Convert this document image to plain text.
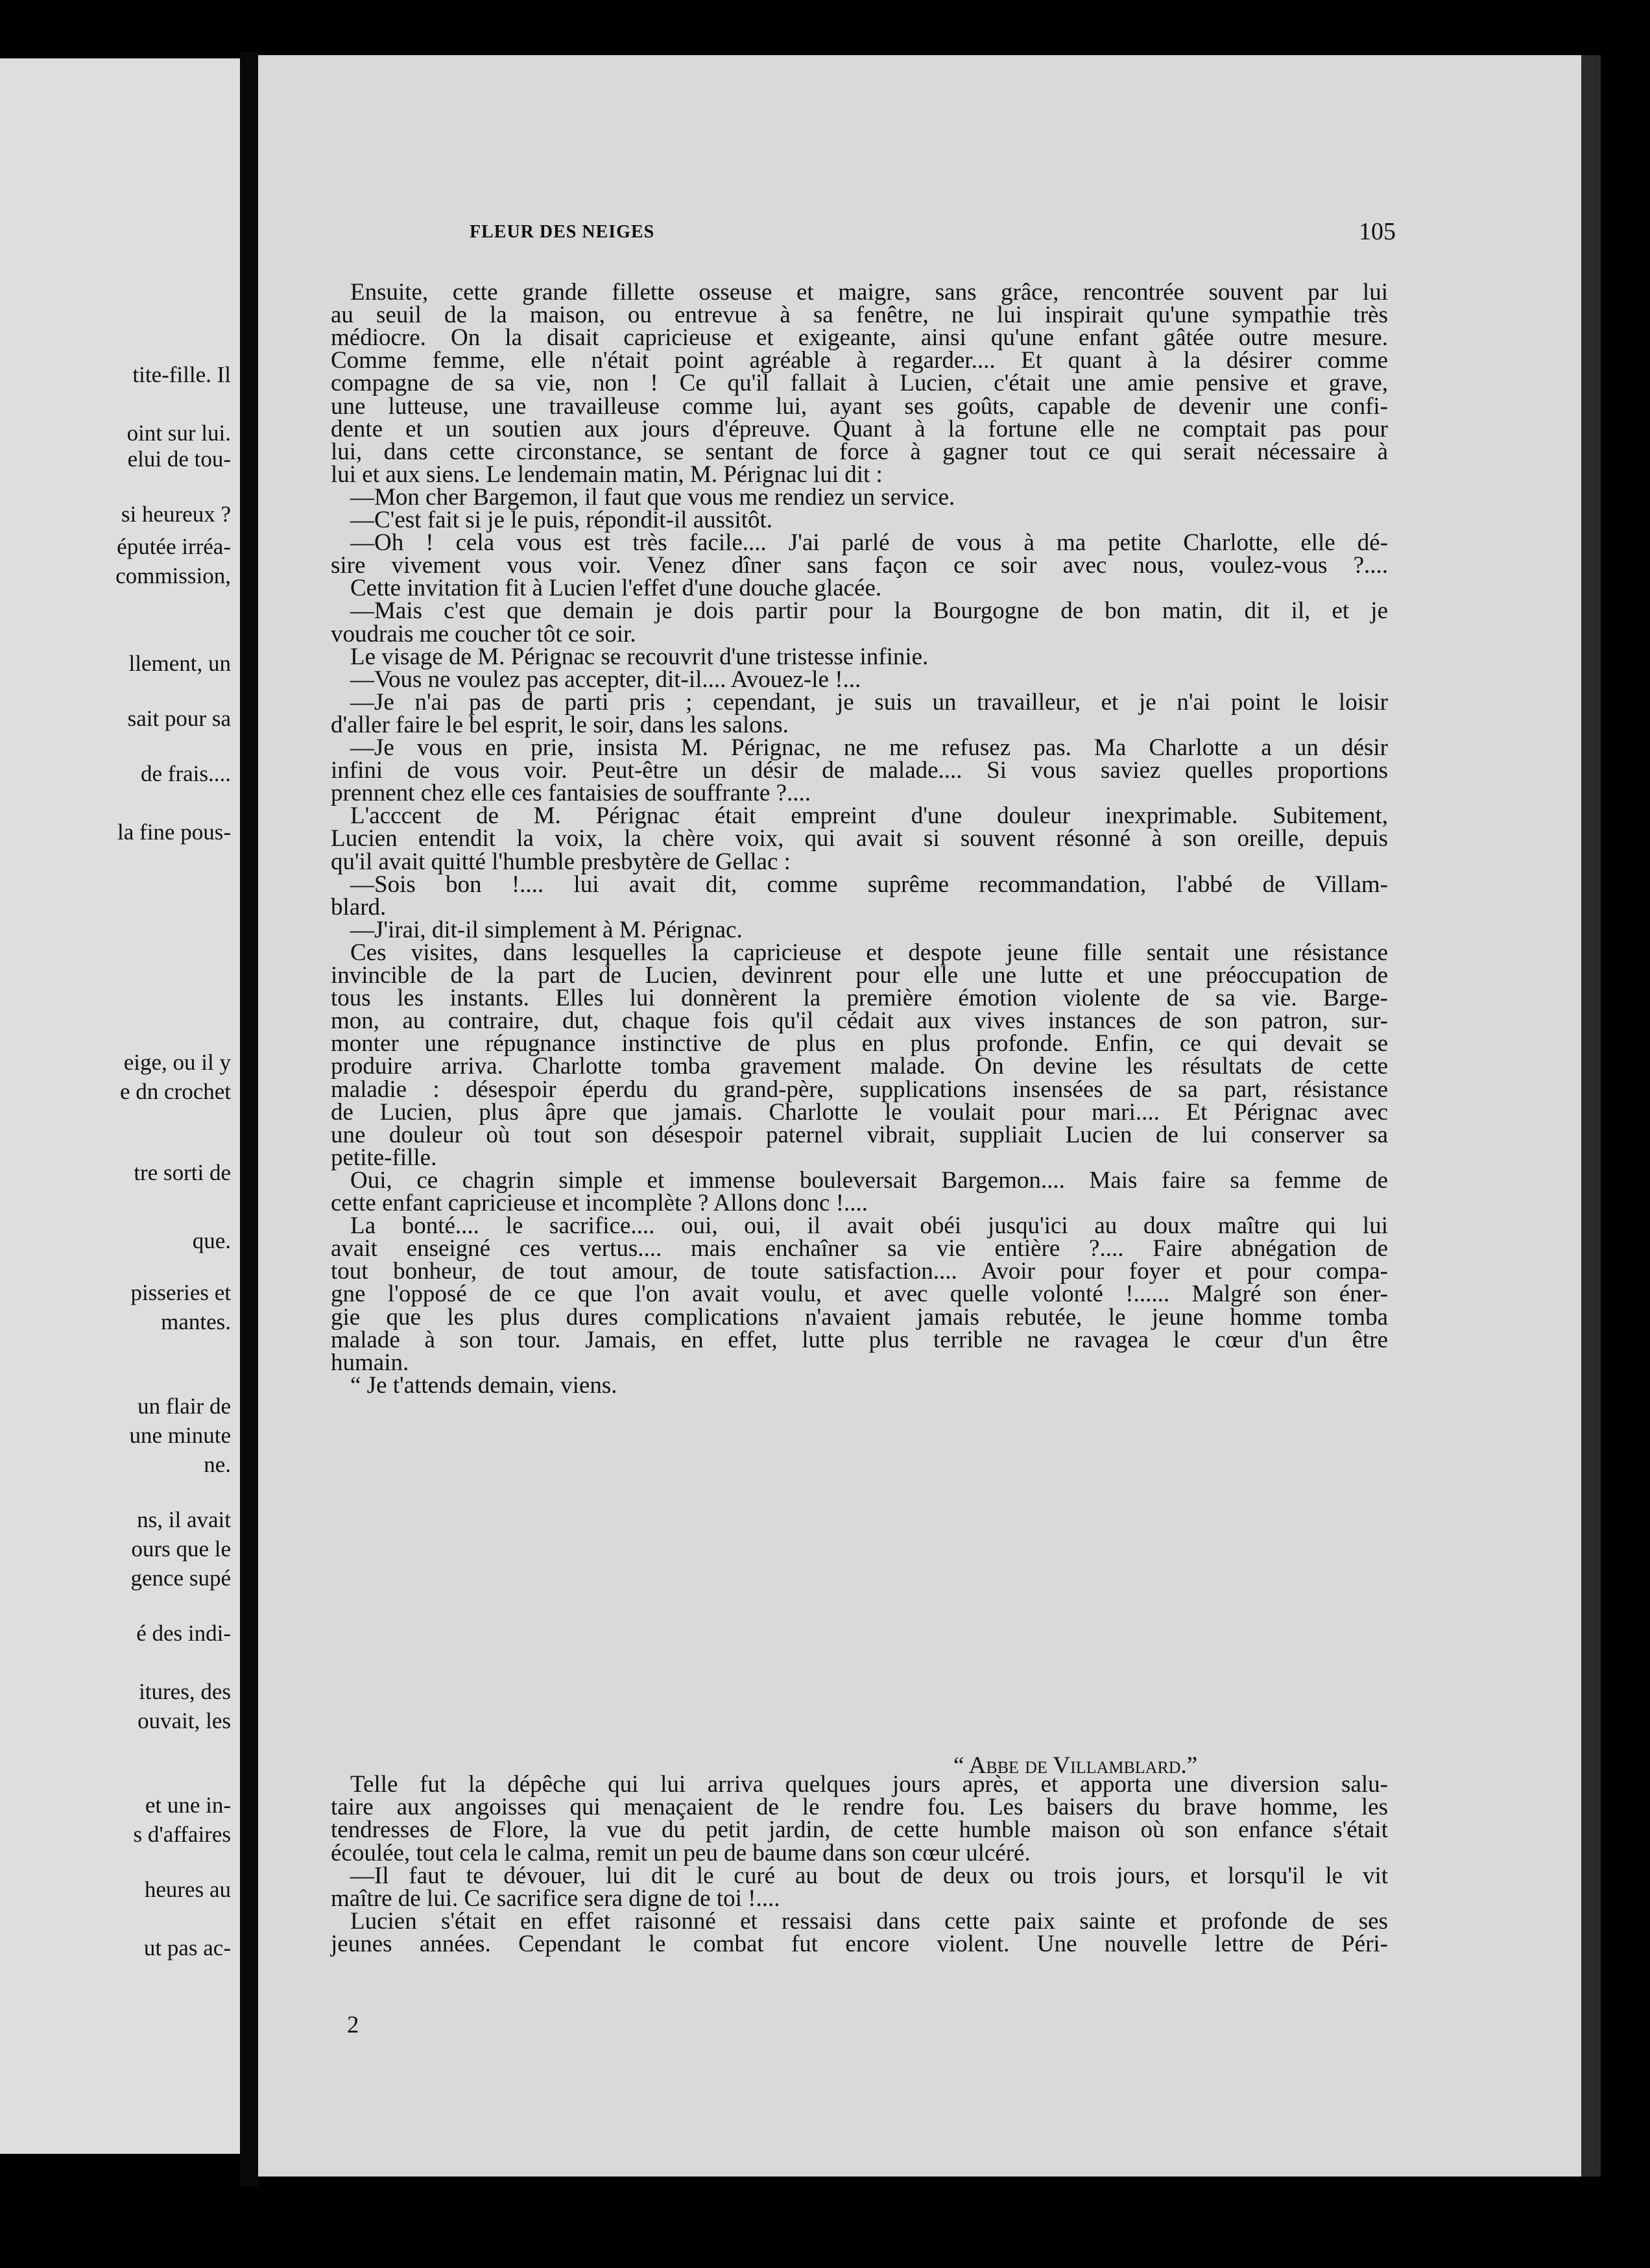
tite-fille. Il
oint sur lui.
elui de tou-
si heureux ?
éputée irréa-
commission,
llement, un
sait pour sa
de frais....
la fine pous-
eige, ou il y
e dn crochet
tre sorti de
que.
pisseries et
mantes.
un flair de
une minute
ne.
ns, il avait
ours que le
gence supé
é des indi-
itures, des
ouvait, les
et une in-
s d'affaires
heures au
ut pas ac-
FLEUR DES NEIGES	105
Ensuite, cette grande fillette osseuse et maigre, sans grâce, rencontrée souvent par lui
au seuil de la maison, ou entrevue à sa fenêtre, ne lui inspirait qu'une sympathie très
médiocre. On la disait capricieuse et exigeante, ainsi qu'une enfant gâtée outre mesure.
Comme femme, elle n'était point agréable à regarder.... Et quant à la désirer comme
compagne de sa vie, non ! Ce qu'il fallait à Lucien, c'était une amie pensive et grave,
une lutteuse, une travailleuse comme lui, ayant ses goûts, capable de devenir une confi-
dente et un soutien aux jours d'épreuve. Quant à la fortune elle ne comptait pas pour
lui, dans cette circonstance, se sentant de force à gagner tout ce qui serait nécessaire à
lui et aux siens. Le lendemain matin, M. Pérignac lui dit :
—Mon cher Bargemon, il faut que vous me rendiez un service.
—C'est fait si je le puis, répondit-il aussitôt.
—Oh ! cela vous est très facile.... J'ai parlé de vous à ma petite Charlotte, elle dé-
sire vivement vous voir. Venez dîner sans façon ce soir avec nous, voulez-vous ?....
Cette invitation fit à Lucien l'effet d'une douche glacée.
—Mais c'est que demain je dois partir pour la Bourgogne de bon matin, dit il, et je
voudrais me coucher tôt ce soir.
Le visage de M. Pérignac se recouvrit d'une tristesse infinie.
—Vous ne voulez pas accepter, dit-il.... Avouez-le !...
—Je n'ai pas de parti pris ; cependant, je suis un travailleur, et je n'ai point le loisir
d'aller faire le bel esprit, le soir, dans les salons.
—Je vous en prie, insista M. Pérignac, ne me refusez pas. Ma Charlotte a un désir
infini de vous voir. Peut-être un désir de malade.... Si vous saviez quelles proportions
prennent chez elle ces fantaisies de souffrante ?....
L'acccent de M. Pérignac était empreint d'une douleur inexprimable. Subitement,
Lucien entendit la voix, la chère voix, qui avait si souvent résonné à son oreille, depuis
qu'il avait quitté l'humble presbytère de Gellac :
—Sois bon !.... lui avait dit, comme suprême recommandation, l'abbé de Villam-
blard.
—J'irai, dit-il simplement à M. Pérignac.
Ces visites, dans lesquelles la capricieuse et despote jeune fille sentait une résistance
invincible de la part de Lucien, devinrent pour elle une lutte et une préoccupation de
tous les instants. Elles lui donnèrent la première émotion violente de sa vie. Barge-
mon, au contraire, dut, chaque fois qu'il cédait aux vives instances de son patron, sur-
monter une répugnance instinctive de plus en plus profonde. Enfin, ce qui devait se
produire arriva. Charlotte tomba gravement malade. On devine les résultats de cette
maladie : désespoir éperdu du grand-père, supplications insensées de sa part, résistance
de Lucien, plus âpre que jamais. Charlotte le voulait pour mari.... Et Pérignac avec
une douleur où tout son désespoir paternel vibrait, suppliait Lucien de lui conserver sa
petite-fille.
Oui, ce chagrin simple et immense bouleversait Bargemon.... Mais faire sa femme de
cette enfant capricieuse et incomplète ? Allons donc !....
La bonté.... le sacrifice.... oui, oui, il avait obéi jusqu'ici au doux maître qui lui
avait enseigné ces vertus.... mais enchaîner sa vie entière ?.... Faire abnégation de
tout bonheur, de tout amour, de toute satisfaction.... Avoir pour foyer et pour compa-
gne l'opposé de ce que l'on avait voulu, et avec quelle volonté !...... Malgré son éner-
gie que les plus dures complications n'avaient jamais rebutée, le jeune homme tomba
malade à son tour. Jamais, en effet, lutte plus terrible ne ravagea le cœur d'un être
humain.
“ Je t'attends demain, viens.
Telle fut la dépêche qui lui arriva quelques jours après, et apporta une diversion salu-
taire aux angoisses qui menaçaient de le rendre fou. Les baisers du brave homme, les
tendresses de Flore, la vue du petit jardin, de cette humble maison où son enfance s'était
écoulée, tout cela le calma, remit un peu de baume dans son cœur ulcéré.
—Il faut te dévouer, lui dit le curé au bout de deux ou trois jours, et lorsqu'il le vit
maître de lui. Ce sacrifice sera digne de toi !....
Lucien s'était en effet raisonné et ressaisi dans cette paix sainte et profonde de ses
jeunes années. Cependant le combat fut encore violent. Une nouvelle lettre de Péri-
“ Abbe de Villamblard.”
2
